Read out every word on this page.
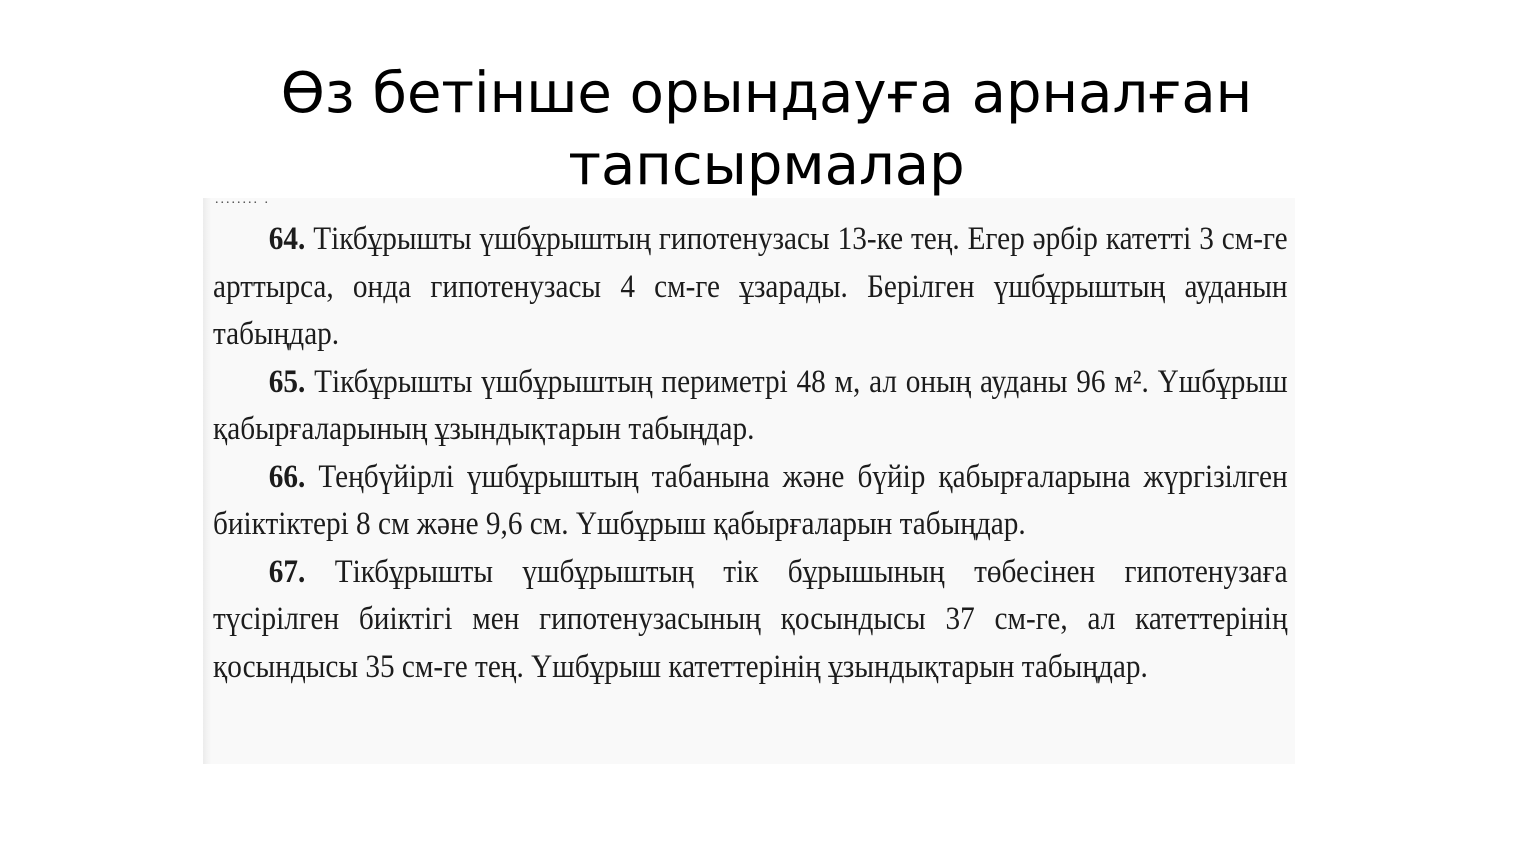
Өз бетінше орындауға арналған
тапсырмалар
........ .

64. Тікбұрышты үшбұрыштың гипотенузасы 13-ке тең. Егер әрбір катетті 3 см-ге арттырса, онда гипотенузасы 4 см-ге ұзарады. Берілген үшбұрыштың ауданын табыңдар.

65. Тікбұрышты үшбұрыштың периметрі 48 м, ал оның ауданы 96 м². Үшбұрыш қабырғаларының ұзындықтарын табыңдар.

66. Теңбүйірлі үшбұрыштың табанына және бүйір қабырғаларына жүргізілген биіктіктері 8 см және 9,6 см. Үшбұрыш қабырғаларын табыңдар.

67. Тікбұрышты үшбұрыштың тік бұрышының төбесінен гипотенузаға түсірілген биіктігі мен гипотенузасының қосындысы 37 см-ге, ал катеттерінің қосындысы 35 см-ге тең. Үшбұрыш катеттерінің ұзындықтарын табыңдар.
